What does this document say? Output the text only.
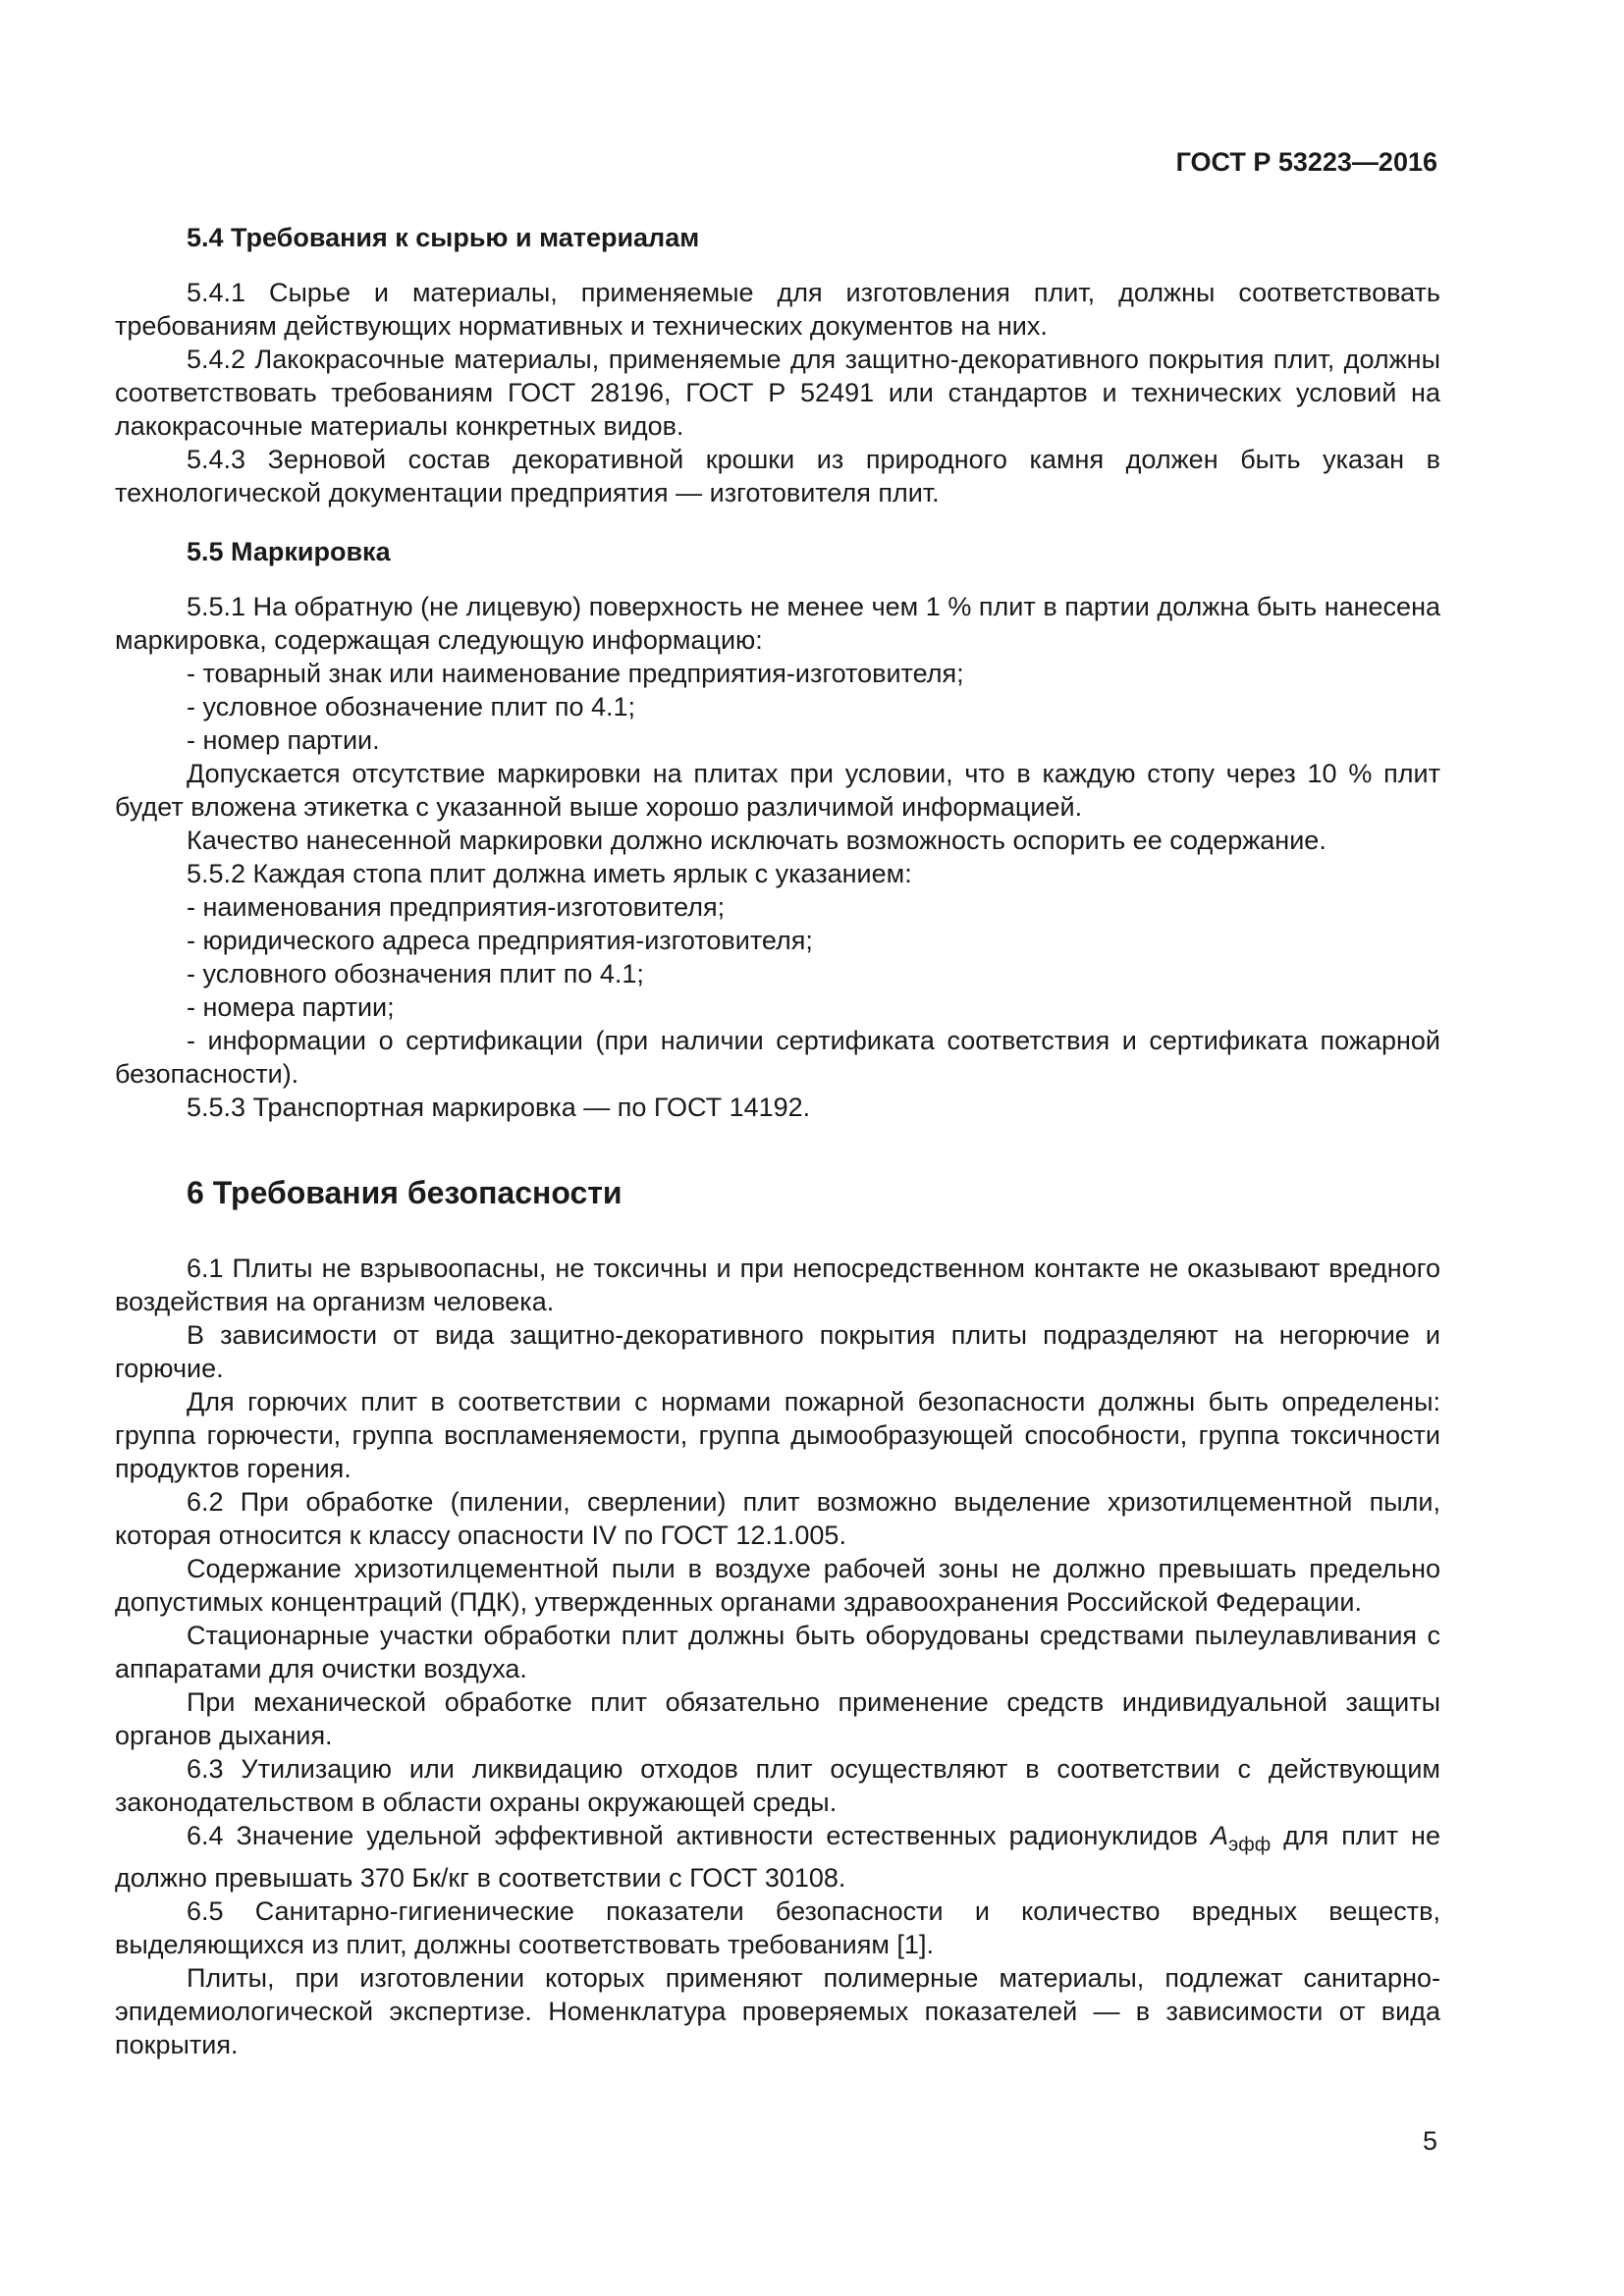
ГОСТ Р 53223—2016
5.4 Требования к сырью и материалам

5.4.1 Сырье и материалы, применяемые для изготовления плит, должны соответствовать требованиям действующих нормативных и технических документов на них.

5.4.2 Лакокрасочные материалы, применяемые для защитно-декоративного покрытия плит, должны соответствовать требованиям ГОСТ 28196, ГОСТ Р 52491 или стандартов и технических условий на лакокрасочные материалы конкретных видов.

5.4.3 Зерновой состав декоративной крошки из природного камня должен быть указан в технологической документации предприятия — изготовителя плит.

5.5 Маркировка

5.5.1 На обратную (не лицевую) поверхность не менее чем 1 % плит в партии должна быть нанесена маркировка, содержащая следующую информацию:

- товарный знак или наименование предприятия-изготовителя;

- условное обозначение плит по 4.1;

- номер партии.

Допускается отсутствие маркировки на плитах при условии, что в каждую стопу через 10 % плит будет вложена этикетка с указанной выше хорошо различимой информацией.

Качество нанесенной маркировки должно исключать возможность оспорить ее содержание.

5.5.2 Каждая стопа плит должна иметь ярлык с указанием:

- наименования предприятия-изготовителя;

- юридического адреса предприятия-изготовителя;

- условного обозначения плит по 4.1;

- номера партии;

- информации о сертификации (при наличии сертификата соответствия и сертификата пожарной безопасности).

5.5.3 Транспортная маркировка — по ГОСТ 14192.

6 Требования безопасности

6.1 Плиты не взрывоопасны, не токсичны и при непосредственном контакте не оказывают вредного воздействия на организм человека.

В зависимости от вида защитно-декоративного покрытия плиты подразделяют на негорючие и горючие.

Для горючих плит в соответствии с нормами пожарной безопасности должны быть определены: группа горючести, группа воспламеняемости, группа дымообразующей способности, группа токсичности продуктов горения.

6.2 При обработке (пилении, сверлении) плит возможно выделение хризотилцементной пыли, которая относится к классу опасности IV по ГОСТ 12.1.005.

Содержание хризотилцементной пыли в воздухе рабочей зоны не должно превышать предельно допустимых концентраций (ПДК), утвержденных органами здравоохранения Российской Федерации.

Стационарные участки обработки плит должны быть оборудованы средствами пылеулавливания с аппаратами для очистки воздуха.

При механической обработке плит обязательно применение средств индивидуальной защиты органов дыхания.

6.3 Утилизацию или ликвидацию отходов плит осуществляют в соответствии с действующим законодательством в области охраны окружающей среды.

6.4 Значение удельной эффективной активности естественных радионуклидов $A_{эфф}$ для плит не должно превышать 370 Бк/кг в соответствии с ГОСТ 30108.

6.5 Санитарно-гигиенические показатели безопасности и количество вредных веществ, выделяющихся из плит, должны соответствовать требованиям [1].

Плиты, при изготовлении которых применяют полимерные материалы, подлежат санитарно-эпидемиологической экспертизе. Номенклатура проверяемых показателей — в зависимости от вида покрытия.

5
